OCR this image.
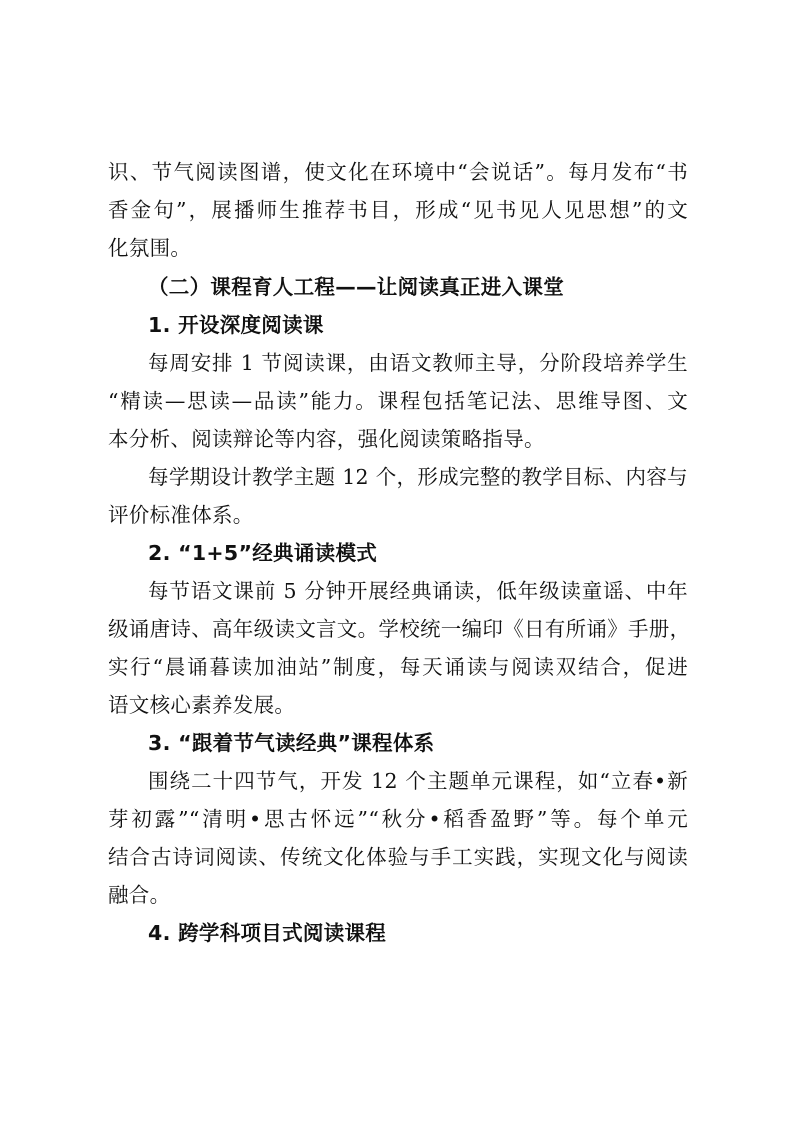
识、节气阅读图谱，使文化在环境中“会说话”。每月发布“书
香金句”，展播师生推荐书目，形成“见书见人见思想”的文
化氛围。
（二）课程育人工程——让阅读真正进入课堂
1. 开设深度阅读课
每周安排 1 节阅读课，由语文教师主导，分阶段培养学生
“精读—思读—品读”能力。课程包括笔记法、思维导图、文
本分析、阅读辩论等内容，强化阅读策略指导。
每学期设计教学主题 12 个，形成完整的教学目标、内容与
评价标准体系。
2. “1+5”经典诵读模式
每节语文课前 5 分钟开展经典诵读，低年级读童谣、中年
级诵唐诗、高年级读文言文。学校统一编印《日有所诵》手册，
实行“晨诵暮读加油站”制度，每天诵读与阅读双结合，促进
语文核心素养发展。
3. “跟着节气读经典”课程体系
围绕二十四节气，开发 12 个主题单元课程，如“立春•新
芽初露”“清明•思古怀远”“秋分•稻香盈野”等。每个单元
结合古诗词阅读、传统文化体验与手工实践，实现文化与阅读
融合。
4. 跨学科项目式阅读课程
